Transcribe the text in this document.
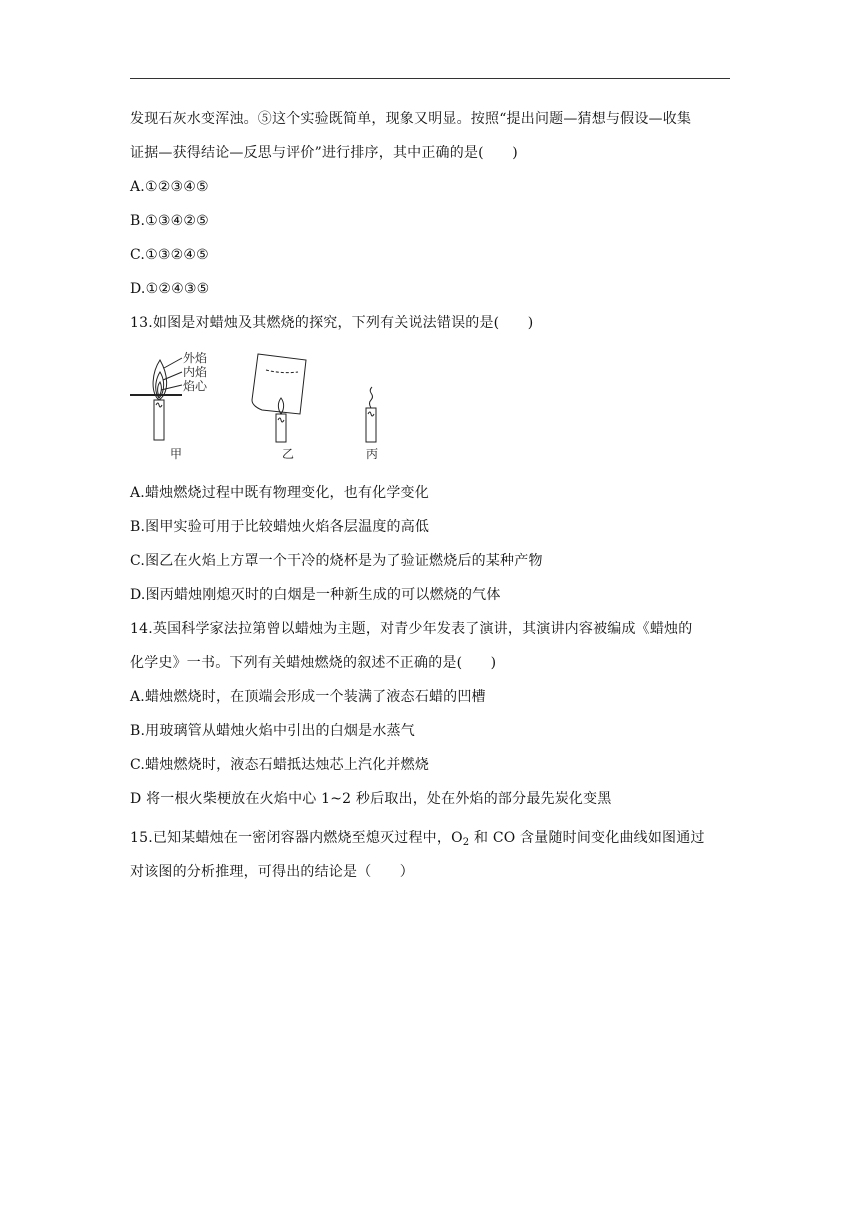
发现石灰水变浑浊。⑤这个实验既简单，现象又明显。按照“提出问题—猜想与假设—收集
证据—获得结论—反思与评价”进行排序，其中正确的是(　　)
A.①②③④⑤
B.①③④②⑤
C.①③②④⑤
D.①②④③⑤
13.如图是对蜡烛及其燃烧的探究，下列有关说法错误的是(　　)
外焰
内焰
焰心
甲	乙	丙
A.蜡烛燃烧过程中既有物理变化，也有化学变化
B.图甲实验可用于比较蜡烛火焰各层温度的高低
C.图乙在火焰上方罩一个干冷的烧杯是为了验证燃烧后的某种产物
D.图丙蜡烛刚熄灭时的白烟是一种新生成的可以燃烧的气体
14.英国科学家法拉第曾以蜡烛为主题，对青少年发表了演讲，其演讲内容被编成《蜡烛的
化学史》一书。下列有关蜡烛燃烧的叙述不正确的是(　　)
A.蜡烛燃烧时，在顶端会形成一个装满了液态石蜡的凹槽
B.用玻璃管从蜡烛火焰中引出的白烟是水蒸气
C.蜡烛燃烧时，液态石蜡抵达烛芯上汽化并燃烧
D 将一根火柴梗放在火焰中心 1~2 秒后取出，处在外焰的部分最先炭化变黑
15.已知某蜡烛在一密闭容器内燃烧至熄灭过程中，$O_2$ 和 CO 含量随时间变化曲线如图通过
对该图的分析推理，可得出的结论是（　　）
